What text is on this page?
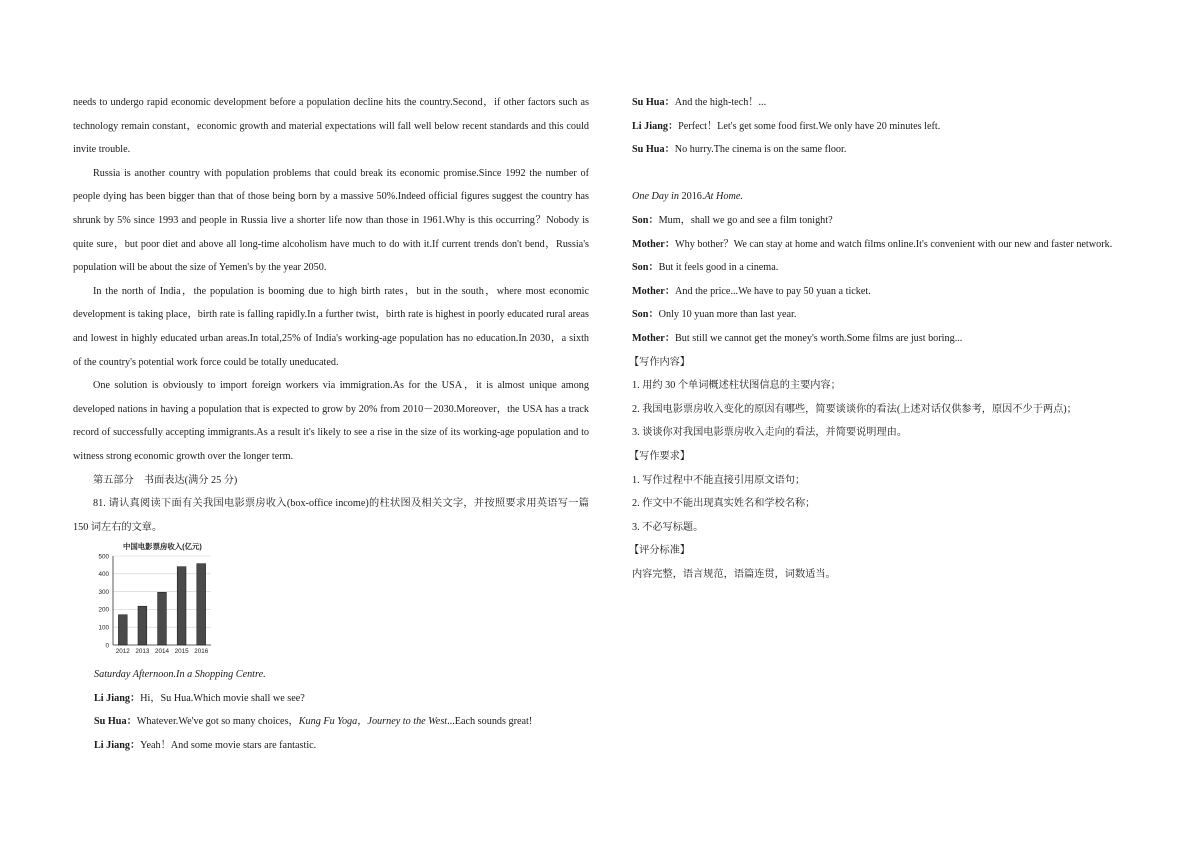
needs to undergo rapid economic development before a population decline hits the country.Second，if other factors such as technology remain constant，economic growth and material expectations will fall well below recent standards and this could invite trouble.

Russia is another country with population problems that could break its economic promise.Since 1992 the number of people dying has been bigger than that of those being born by a massive 50%.Indeed official figures suggest the country has shrunk by 5% since 1993 and people in Russia live a shorter life now than those in 1961.Why is this occurring？Nobody is quite sure，but poor diet and above all long-time alcoholism have much to do with it.If current trends don't bend，Russia's population will be about the size of Yemen's by the year 2050.

In the north of India，the population is booming due to high birth rates，but in the south，where most economic development is taking place，birth rate is falling rapidly.In a further twist，birth rate is highest in poorly educated rural areas and lowest in highly educated urban areas.In total,25% of India's working-age population has no education.In 2030，a sixth of the country's potential work force could be totally uneducated.

One solution is obviously to import foreign workers via immigration.As for the USA，it is almost unique among developed nations in having a population that is expected to grow by 20% from 2010－2030.Moreover，the USA has a track record of successfully accepting immigrants.As a result it's likely to see a rise in the size of its working-age population and to witness strong economic growth over the longer term.

第五部分　书面表达(满分 25 分)

81. 请认真阅读下面有关我国电影票房收入(box-office income)的柱状图及相关文字，并按照要求用英语写一篇 150 词左右的文章。

中国电影票房收入(亿元)
0
100
200
300
400
500
2012 2013 2014 2015 2016

Saturday Afternoon.In a Shopping Centre.

Li Jiang：Hi，Su Hua.Which movie shall we see?

Su Hua：Whatever.We've got so many choices，Kung Fu Yoga，Journey to the West...Each sounds great!

Li Jiang：Yeah！And some movie stars are fantastic.

Su Hua：And the high-tech！...

Li Jiang：Perfect！Let's get some food first.We only have 20 minutes left.

Su Hua：No hurry.The cinema is on the same floor.

One Day in 2016.At Home.

Son：Mum，shall we go and see a film tonight?

Mother：Why bother？We can stay at home and watch films online.It's convenient with our new and faster network.

Son：But it feels good in a cinema.

Mother：And the price...We have to pay 50 yuan a ticket.

Son：Only 10 yuan more than last year.

Mother：But still we cannot get the money's worth.Some films are just boring...

【写作内容】

1. 用约 30 个单词概述柱状图信息的主要内容；

2. 我国电影票房收入变化的原因有哪些，简要谈谈你的看法(上述对话仅供参考，原因不少于两点)；

3. 谈谈你对我国电影票房收入走向的看法，并简要说明理由。

【写作要求】

1. 写作过程中不能直接引用原文语句；

2. 作文中不能出现真实姓名和学校名称；

3. 不必写标题。

【评分标准】

内容完整，语言规范，语篇连贯，词数适当。
